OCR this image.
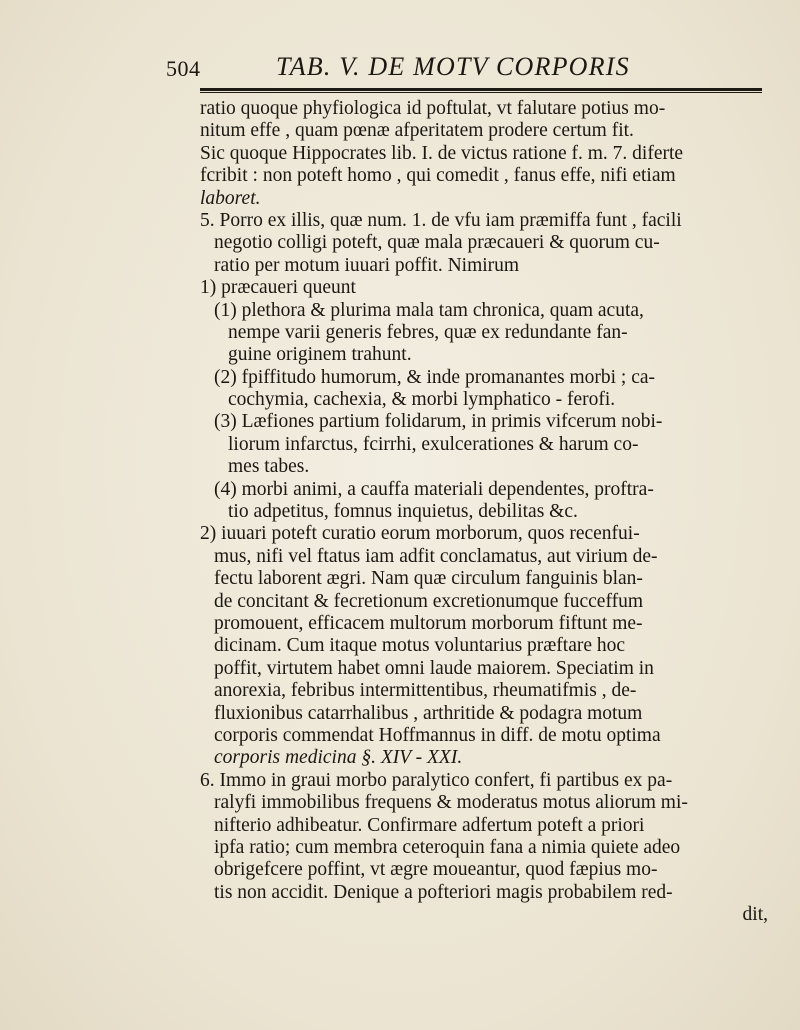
504	TAB. V. DE MOTV CORPORIS
ratio quoque phyfiologica id poftulat, vt falutare potius mo-
nitum effe , quam pœnæ afperitatem prodere certum fit.
Sic quoque Hippocrates lib. I. de victus ratione f. m. 7. diferte
fcribit : non poteft homo , qui comedit , fanus effe, nifi etiam
laboret.
5. Porro ex illis, quæ num. 1. de vfu iam præmiffa funt , facili
negotio colligi poteft, quæ mala præcaueri & quorum cu-
ratio per motum iuuari poffit. Nimirum
1) præcaueri queunt
(1) plethora & plurima mala tam chronica, quam acuta,
nempe varii generis febres, quæ ex redundante fan-
guine originem trahunt.
(2) fpiffitudo humorum, & inde promanantes morbi ; ca-
cochymia, cachexia, & morbi lymphatico - ferofi.
(3) Læfiones partium folidarum, in primis vifcerum nobi-
liorum infarctus, fcirrhi, exulcerationes & harum co-
mes tabes.
(4) morbi animi, a cauffa materiali dependentes, proftra-
tio adpetitus, fomnus inquietus, debilitas &c.
2) iuuari poteft curatio eorum morborum, quos recenfui-
mus, nifi vel ftatus iam adfit conclamatus, aut virium de-
fectu laborent ægri. Nam quæ circulum fanguinis blan-
de concitant & fecretionum excretionumque fucceffum
promouent, efficacem multorum morborum fiftunt me-
dicinam. Cum itaque motus voluntarius præftare hoc
poffit, virtutem habet omni laude maiorem. Speciatim in
anorexia, febribus intermittentibus, rheumatifmis , de-
fluxionibus catarrhalibus , arthritide & podagra motum
corporis commendat Hoffmannus in diff. de motu optima
corporis medicina §. XIV - XXI.
6. Immo in graui morbo paralytico confert, fi partibus ex pa-
ralyfi immobilibus frequens & moderatus motus aliorum mi-
nifterio adhibeatur. Confirmare adfertum poteft a priori
ipfa ratio; cum membra ceteroquin fana a nimia quiete adeo
obrigefcere poffint, vt ægre moueantur, quod fæpius mo-
tis non accidit. Denique a pofteriori magis probabilem red-
dit,
